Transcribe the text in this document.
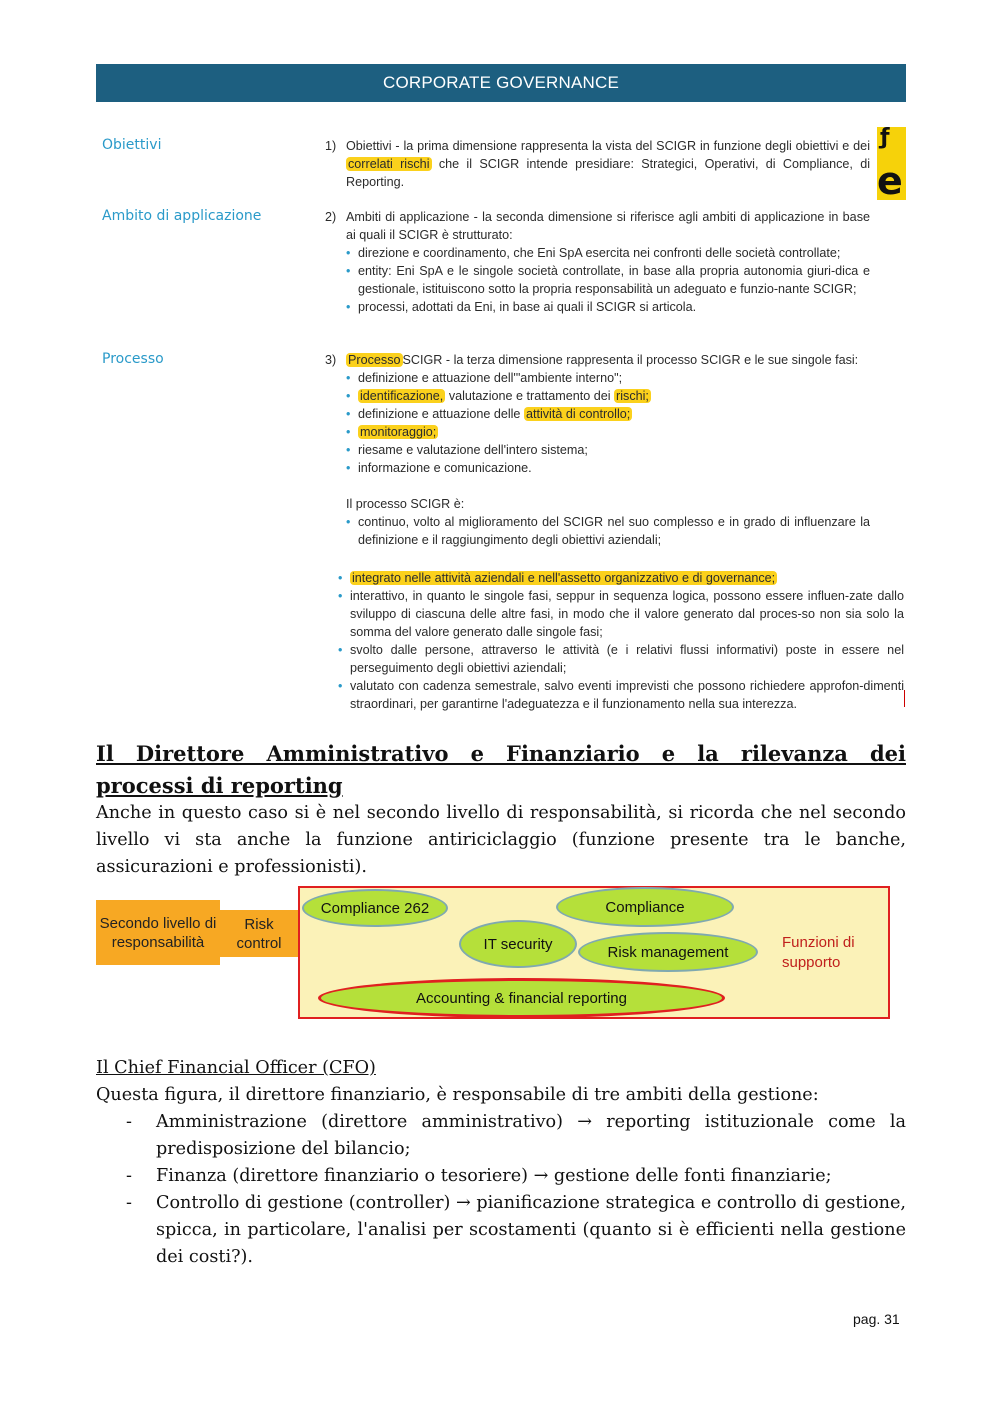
CORPORATE GOVERNANCE
Obiettivi
Ambito di applicazione
Processo
ƒ
e
1) Obiettivi - la prima dimensione rappresenta la vista del SCIGR in funzione degli obiettivi e dei correlati rischi che il SCIGR intende presidiare: Strategici, Operativi, di Compliance, di Reporting.
2) Ambiti di applicazione - la seconda dimensione si riferisce agli ambiti di applicazione in base ai quali il SCIGR è strutturato:
• direzione e coordinamento, che Eni SpA esercita nei confronti delle società controllate;
• entity: Eni SpA e le singole società controllate, in base alla propria autonomia giuri-dica e gestionale, istituiscono sotto la propria responsabilità un adeguato e funzio-nante SCIGR;
• processi, adottati da Eni, in base ai quali il SCIGR si articola.
3) Processo SCIGR - la terza dimensione rappresenta il processo SCIGR e le sue singole fasi:
• definizione e attuazione dell'"ambiente interno";
• identificazione, valutazione e trattamento dei rischi;
• definizione e attuazione delle attività di controllo;
• monitoraggio;
• riesame e valutazione dell'intero sistema;
• informazione e comunicazione.
Il processo SCIGR è:
• continuo, volto al miglioramento del SCIGR nel suo complesso e in grado di influenzare la definizione e il raggiungimento degli obiettivi aziendali;
• integrato nelle attività aziendali e nell'assetto organizzativo e di governance;
• interattivo, in quanto le singole fasi, seppur in sequenza logica, possono essere influen-zate dallo sviluppo di ciascuna delle altre fasi, in modo che il valore generato dal proces-so non sia solo la somma del valore generato dalle singole fasi;
• svolto dalle persone, attraverso le attività (e i relativi flussi informativi) poste in essere nel perseguimento degli obiettivi aziendali;
• valutato con cadenza semestrale, salvo eventi imprevisti che possono richiedere approfon-dimenti straordinari, per garantirne l'adeguatezza e il funzionamento nella sua interezza.
Il Direttore Amministrativo e Finanziario e la rilevanza dei
processi di reporting
Anche in questo caso si è nel secondo livello di responsabilità, si ricorda che nel secondo livello vi sta anche la funzione antiriciclaggio (funzione presente tra le banche, assicurazioni e professionisti).
Secondo livello di responsabilità
Risk control
Compliance 262	Compliance
IT security	Risk management
Accounting & financial reporting
Funzioni di supporto
Il Chief Financial Officer (CFO)
Questa figura, il direttore finanziario, è responsabile di tre ambiti della gestione:
- Amministrazione (direttore amministrativo) → reporting istituzionale come la predisposizione del bilancio;
- Finanza (direttore finanziario o tesoriere) → gestione delle fonti finanziarie;
- Controllo di gestione (controller) → pianificazione strategica e controllo di gestione, spicca, in particolare, l'analisi per scostamenti (quanto si è efficienti nella gestione dei costi?).
pag. 31
